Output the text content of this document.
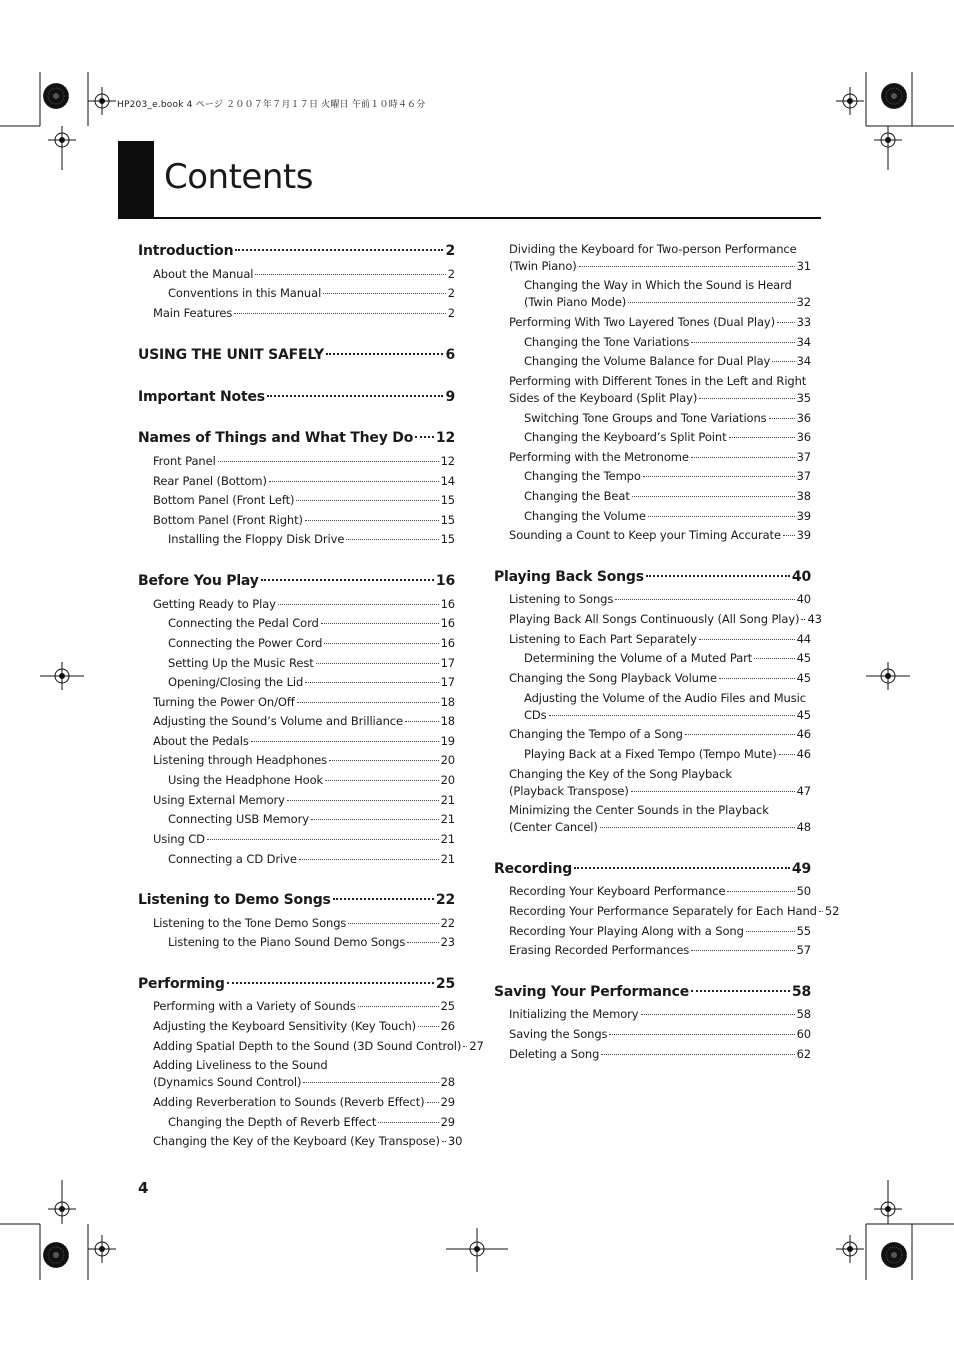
HP203_e.book 4 ページ ２００７年７月１７日 火曜日 午前１０時４６分
Contents
Introduction	2
About the Manual	2
Conventions in this Manual	2
Main Features	2
USING THE UNIT SAFELY	6
Important Notes	9
Names of Things and What They Do 12
Front Panel	12
Rear Panel (Bottom)	14
Bottom Panel (Front Left)	15
Bottom Panel (Front Right)	15
Installing the Floppy Disk Drive	15
Before You Play	16
Getting Ready to Play	16
Connecting the Pedal Cord	16
Connecting the Power Cord	16
Setting Up the Music Rest	17
Opening/Closing the Lid	17
Turning the Power On/Off	18
Adjusting the Sound’s Volume and Brilliance	18
About the Pedals	19
Listening through Headphones	20
Using the Headphone Hook	20
Using External Memory	21
Connecting USB Memory	21
Using CD	21
Connecting a CD Drive	21
Listening to Demo Songs	22
Listening to the Tone Demo Songs	22
Listening to the Piano Sound Demo Songs	23
Performing	25
Performing with a Variety of Sounds	25
Adjusting the Keyboard Sensitivity (Key Touch) 26
Adding Spatial Depth to the Sound (3D Sound Control) 27
Adding Liveliness to the Sound
(Dynamics Sound Control)	28
Adding Reverberation to Sounds (Reverb Effect) 29
Changing the Depth of Reverb Effect	29
Changing the Key of the Keyboard (Key Transpose) 30
Dividing the Keyboard for Two-person Performance
(Twin Piano)	31
Changing the Way in Which the Sound is Heard
(Twin Piano Mode)	32
Performing With Two Layered Tones (Dual Play) 33
Changing the Tone Variations	34
Changing the Volume Balance for Dual Play 34
Performing with Different Tones in the Left and Right
Sides of the Keyboard (Split Play)	35
Switching Tone Groups and Tone Variations	36
Changing the Keyboard’s Split Point	36
Performing with the Metronome	37
Changing the Tempo	37
Changing the Beat	38
Changing the Volume	39
Sounding a Count to Keep your Timing Accurate 39
Playing Back Songs	40
Listening to Songs	40
Playing Back All Songs Continuously (All Song Play) 43
Listening to Each Part Separately	44
Determining the Volume of a Muted Part	45
Changing the Song Playback Volume	45
Adjusting the Volume of the Audio Files and Music
CDs	45
Changing the Tempo of a Song	46
Playing Back at a Fixed Tempo (Tempo Mute) 46
Changing the Key of the Song Playback
(Playback Transpose)	47
Minimizing the Center Sounds in the Playback
(Center Cancel)	48
Recording	49
Recording Your Keyboard Performance	50
Recording Your Performance Separately for Each Hand 52
Recording Your Playing Along with a Song	55
Erasing Recorded Performances	57
Saving Your Performance	58
Initializing the Memory	58
Saving the Songs	60
Deleting a Song	62
4
